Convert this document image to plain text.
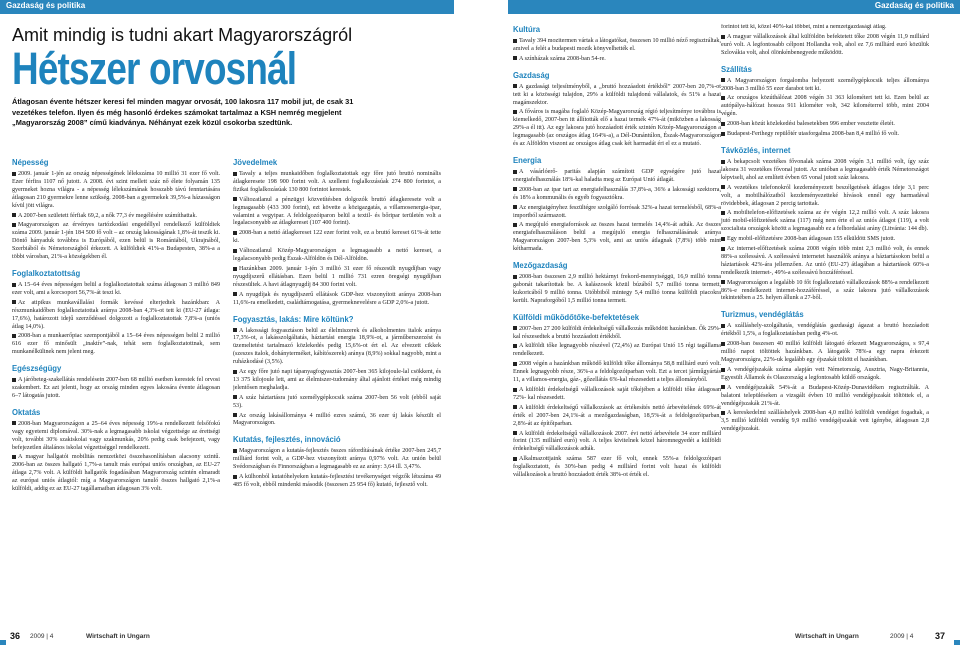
Gazdaság és politika	Gazdaság és politika
Amit mindig is tudni akart Magyarországról
Hétszer orvosnál
Átlagosan évente hétszer keresi fel minden magyar orvosát, 100 lakosra 117 mobil jut, de csak 31 vezetékes telefon. Ilyen és még hasonló érdekes számokat tartalmaz a KSH nemrég megjelent „Magyarország 2008” című kiadványa. Néhányat ezek közül csokorba szedtünk.
Népesség

2009. január 1-jén az ország népességének lélekszáma 10 millió 31 ezer fő volt. Ezer férfira 1107 nő jutott. A 2008. évi szint mellett száz nő élete folyamán 135 gyermeket hozna világra - a népesség lélekszámának hosszabb távú fenntartására átlagosan 210 gyermekre lenne szükség. 2008-ban a gyermekek 39,5%-a házasságon kívül jött világra.

A 2007-ben született férfiak 69,2, a nők 77,3 év megélésére számíthattak.

Magyarországon az érvényes tartózkodási engedéllyel rendelkező külföldiek száma 2009. január 1-jén 184 500 fő volt – az ország lakosságának 1,8%-át teszik ki. Döntő hányaduk továbbra is Európából, ezen belül is Romániából, Ukrajnából, Szerbiából és Németországból érkezett. A külföldiek 41%-a Budapesten, 38%-a a többi városban, 21%-a községekben él.

Foglalkoztatottság

A 15–64 éves népességen belül a foglalkoztatottak száma átlagosan 3 millió 849 ezer volt, ami a korcsoport 56,7%-át teszi ki.

Az atipikus munkavállalási formák kevéssé elterjedtek hazánkban: A részmunkaidőben foglalkoztatottak aránya 2008-ban 4,3%-ot tett ki (EU-27 átlaga: 17,6%), határozott idejű szerződéssel dolgozott a foglalkoztatottak 7,8%-a (uniós átlag 14,0%).

2008-ban a munkaerőpiac szempontjából a 15–64 éves népességen belül 2 millió 616 ezer fő minősült „inaktív”-nak, tehát sem foglalkoztatottnak, sem munkanélkülinek nem jelent meg.

Egészségügy

A járóbeteg-szakellátás rendelésein 2007-ben 68 millió esetben kerestek fel orvosi szakembert. Ez azt jelenti, hogy az ország minden egyes lakosára évente átlagosan 6–7 látogatás jutott.

Oktatás

2008-ban Magyarországon a 25–64 éves népesség 19%-a rendelkezett felsőfokú vagy egyetemi diplomával. 30%-nak a legmagasabb iskolai végzettsége az érettségi volt, további 30% szakiskolai vagy szakmunkás, 20% pedig csak befejezett, vagy befejezetlen általános iskolai végzettséggel rendelkezett.

A magyar hallgatói mobilitás nemzetközi összehasonlításban alacsony szintű. 2006-ban az összes hallgató 1,7%-a tanult más európai uniós országban, az EU-27 átlaga 2,7% volt. A külföldi hallgatók fogadásában Magyarország szintén elmaradt az európai uniós átlagtól: míg a Magyarországon tanuló összes hallgató 2,1%-a külföldi, addig ez az EU-27 tagállamaiban átlagosan 3% volt.

Jövedelmek

Tavaly a teljes munkaidőben foglalkoztatottak egy főre jutó bruttó nominális átlagkeresete 198 900 forint volt. A szellemi foglalkozásúak 274 800 forintot, a fizikai foglalkozásúak 130 800 forintot kerestek.

Változatlanul a pénzügyi közvetítésben dolgozók bruttó átlagkeresete volt a legmagasabb (433 300 forint), ezt követte a közigazgatás, a villamosenergia-ipar, valamint a vegyipar. A feldolgozóiparon belül a textil- és bőripar területén volt a legalacsonyabb az átlagkereset (107 400 forint).

2008-ban a nettó átlagkereset 122 ezer forint volt, ez a bruttó kereset 61%-át tette ki.

Változatlanul Közép-Magyarországon a legmagasabb a nettó kereset, a legalacsonyabb pedig Észak-Alföldön és Dél-Alföldön.

Hazánkban 2009. január 1-jén 3 millió 31 ezer fő részesült nyugdíjban vagy nyugdíjszerű ellátásban. Ezen belül 1 millió 731 ezren öregségi nyugdíjban részesültek. A havi átlagnyugdíj 84 300 forint volt.

A nyugdíjak és nyugdíjszerű ellátások GDP-hez viszonyított aránya 2008-ban 11,6%-ra emelkedett, családtámogatása, gyermeknevelésre a GDP 2,0%-a jutott.

Fogyasztás, lakás: Mire költünk?

A lakossági fogyasztáson belül az élelmiszerek és alkoholmentes italok aránya 17,3%-ot, a lakásszolgáltatás, háztartási energia 18,9%-ot, a járműberszerzést és üzemeltetést tartalmazó közlekedés pedig 15,6%-ot ért el. Az elvezett cikkek (szeszes italok, dohányterméket, kábítószerek) aránya (8,9%) sokkal nagyobb, mint a ruházkodásé (3,5%).

Az egy főre jutó napi tápanyagfogyasztás 2007-ben 365 kilojoule-lal csökkent, és 13 375 kilojoule lett, ami az élelmiszer-tudomány által ajánlott értéket még mindig jelentősen meghaladja.

A száz háztartásra jutó személygépkocsik száma 2007-ben 56 volt (ebből saját 53).

Az ország lakásállománya 4 millió ezres számú, 36 ezer új lakás készült el Magyarországon.

Kutatás, fejlesztés, innováció

Magyarországon a kutatás-fejlesztés összes ráfordításának értéke 2007-ben 245,7 milliárd forint volt, a GDP-hez viszonyított aránya 0,97% volt. Az unión belül Svédországban és Finnországban a legmagasabb ez az arány: 3,64 ill. 3,47%.

A külhonból kutatóhelyeken kutatás-fejlesztési tevékenységet végzők létszáma 49 485 fő volt, ebből mindenki második (összesen 25 954 fő) kutató, fejlesztő volt.

Kultúra

Tavaly 394 mozitermen vártak a látogatókat, összesen 10 millió néző regisztráltak, amivel a felét a budapesti mozik könyvelhették el.

A színházak száma 2008-ban 54-re.

Gazdaság

A gazdasági teljesítményből, a „bruttó hozzáadott értékből” 2007-ben 20,7%-ot tett ki a közösségi tulajdon, 29% a külföldi tulajdonú vállalatok, és 51% a hazai magánszektor.

A főváros is magába foglaló Közép-Magyarország régió teljesítménye továbbra is kiemelkedő, 2007-ben itt állították elő a hazai termék 47%-át (miközben a lakosság 29%-a él itt). Az egy lakosra jutó hozzáadott érték szintén Közép-Magyarországon a legmagasabb (az országos átlag 164%-a), a Dél-Dunántúlon, Észak-Magyarországon és az Alföldön viszont az országos átlag csak két harmadát éri el ez a mutató.

Energia

A vásárlóerő- paritás alapján számított GDP egységére jutó hazai energiafelhasználás 18%-kal haladta meg az Európai Unió átlagát.

2008-ban az ipar tart az energiafelhasználás 37,8%-a, 36% a lakossági szektorra, és 18% a kommunális és egyéb fogyasztókra.

Az energiaigényhez feszültégre szolgáló forrósak 32%-a hazai termelésből, 68%-a importból származott.

A megújuló energiaforrások az összes hazai termelés 14,4%-át adták. Az összes energiafelhasználáson belül a megújuló energia felhasználásának aránya Magyarországon 2007-ben 5,3% volt, ami az uniós átlagnak (7,8%) több mint kétharmada.

Mezőgazdaság

2008-ban összesen 2,9 millió hektárnyi frekord-mennyiséggü, 16,9 millió tonna gabonát takarítottak be. A kalászosok közül búzából 5,7 millió tonna termett, kukoricából 9 millió tonna. Utóbbiból mintegy 5,4 millió tonna külföldi piacokra került. Napraforgóból 1,5 millió tonna termett.

Külföldi működőtőke-befektetések

2007-ben 27 200 külföldi érdekeltségű vállalkozás működött hazánkban. Ők 29%-kal részesedtek a bruttó hozzáadott értékből.

A külföldi tőke legnagyobb részével (72,4%) az Európai Unió 15 régi tagállama rendelkezett.

2008 végén a hazánkban működő külföldi tőke állománya 58,8 milliárd euró volt. Ennek legnagyobb része, 36%-a a feldolgozóiparban volt. Ezt a tercet járműgyártás 11, a villamos-energia, gáz-, gőzellátás 6%-kal részesedett a teljes állományból.

A külföldi érdekeltségű vállalkozások saját tőkéjében a külföldi tőke átlagosan 72%- kal részesedett.

A külföldi érdekeltségű vállalkozások az értékesítés nettó árbevételének 69%-át érték el 2007-ben 24,1%-át a mezőgazdaságban, 18,5%-át a feldolgozóiparban, 2,8%-át az építőiparban.

A külföldi érdekeltségű vállalkozások 2007. évi nettó árbevétele 34 ezer milliárd forint (135 milliárd euró) volt. A teljes kivitelnek közel háromnegyedét a külföldi érdekeltségű vállalkozások adták.

Alkalmazottjaink száma 587 ezer fő volt, ennek 55%-a feldolgozóipari foglalkoztatott, és 30%-ban pedig 4 milliárd forint volt hazai és külföldi vállalkozások a bruttó hozzáadott érték 38%-ot érték el.

forintot tett ki, közel 40%-kal többet, mint a nemzetgazdasági átlag.

A magyar vállalkozások által külföldön befektetett tőke 2008 végén 11,9 milliárd euró volt. A legfontosabb célpont Hollandia volt, ahol ez 7,6 milliárd euró közülük Szlovákia volt, ahol ölönkénbenegyede működött.

Szállítás

A Magyarországon forgalomba helyezett személygépkocsik teljes állománya 2008-ban 3 millió 55 ezer darabot tett ki.

Az országos közúthálózat 2008 végén 31 363 kilométert tett ki. Ezen belül az autópálya-hálózat hossza 911 kilométer volt, 342 kilométerrel több, mint 2004 végén.

2008-ban közút közlekedési balesetekben 996 ember vesztette életét.

Budapest-Ferihegy repülőtér utasforgalma 2008-ban 8,4 millió fő volt.

Távközlés, internet

A bekapcsolt vezetékes fővonalak száma 2008 végén 3,1 millió volt, így száz lakosra 31 vezetékes fővonal jutott. Az unióban a legmagasabb érték Németországot képviseli, ahol az említett évben 65 vonal jutott száz lakosra.

A vezetékes telefonokról kezdeményezett beszélgetések átlagos ideje 3,1 perc volt, a mobilhálózatból kezdeményezetteké hívások ennél egy harmadával rövidebbek, átlagosan 2 percig tartottak.

A mobiltelefon-előfizetések száma az év végén 12,2 millió volt. A száz lakosra jutó mobil-előfizetések száma (117) még nem érte el az uniós átlagot (119), a volt szocialista országok között a legmagasabb ez a felhordalási arány (Litvánia: 144 db).

Egy mobil-előfizetésre 2008-ban átlagosan 155 elküldött SMS jutott.

Az internet-előfizetések száma 2008 végén több mint 2,3 millió volt, és ennek 88%-a szélessávú. A szélessávú internetet használók aránya a háztartásokon belül a háztartások 42%-ára jellemzően. Az unió (EU-27) átlagában a háztartások 60%-a rendelkezik internet-, 49%-a szélessávú hozzáféréssel.

Magyarországon a legalább 10 főt foglalkoztató vállalkozások 88%-a rendelkezett 86%-e rendelkezett internet-hozzáféréssel, a száz lakosra jutó vállalkozások tekintetében a 25. helyen állunk a 27-ből.

Turizmus, vendéglátás

A szálláshely-szolgáltatás, vendéglátás gazdasági ágazat a bruttó hozzáadott értékből 1,5%, a foglalkoztatásban pedig 4%-ot.

2008-ban összesen 40 millió külföldi látogató érkezett Magyarországra, s 97,4 millió napot töltöttek hazánkban. A látogatók 78%-a egy napra érkezett Magyarországra, 22%-uk legalább egy éjszakát töltött el hazánkban.

A vendégéjszakák száma alapján vett Németország, Ausztria, Nagy-Britannia, Egyesült Államok és Olaszország a legfontosabb küldő országok.

A vendégéjszakák 54%-át a Budapest-Közép-Dunavidéken regisztrálták. A balatoni településeken a vizsgált évben 10 millió vendégéjszakát töltöttek el, a vendégéjszakák 21%-át.

A kereskedelmi szálláshelyek 2008-ban 4,0 millió külföldi vendéget fogadtak, a 3,5 millió külföldi vendég 9,9 millió vendégéjszakát vett igénybe, átlagosan 2,8 vendégéjszakát.

36 2009 | 4	Wirtschaft in Ungarn	Wirtschaft in Ungarn	2009 | 4 37
